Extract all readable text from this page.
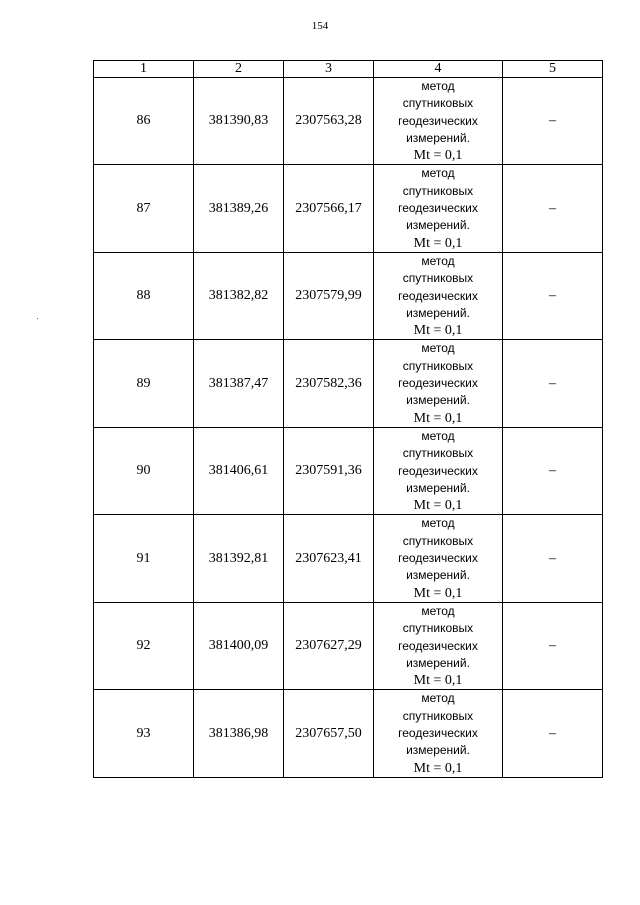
154
1	2	3	4	5
86	381390,83	2307563,28	метод
спутниковых
геодезических
измерений.
Mt = 0,1	–
87	381389,26	2307566,17	метод
спутниковых
геодезических
измерений.
Mt = 0,1	–
88	381382,82	2307579,99	метод
спутниковых
геодезических
измерений.
Mt = 0,1	–
89	381387,47	2307582,36	метод
спутниковых
геодезических
измерений.
Mt = 0,1	–
90	381406,61	2307591,36	метод
спутниковых
геодезических
измерений.
Mt = 0,1	–
91	381392,81	2307623,41	метод
спутниковых
геодезических
измерений.
Mt = 0,1	–
92	381400,09	2307627,29	метод
спутниковых
геодезических
измерений.
Mt = 0,1	–
93	381386,98	2307657,50	метод
спутниковых
геодезических
измерений.
Mt = 0,1	–
